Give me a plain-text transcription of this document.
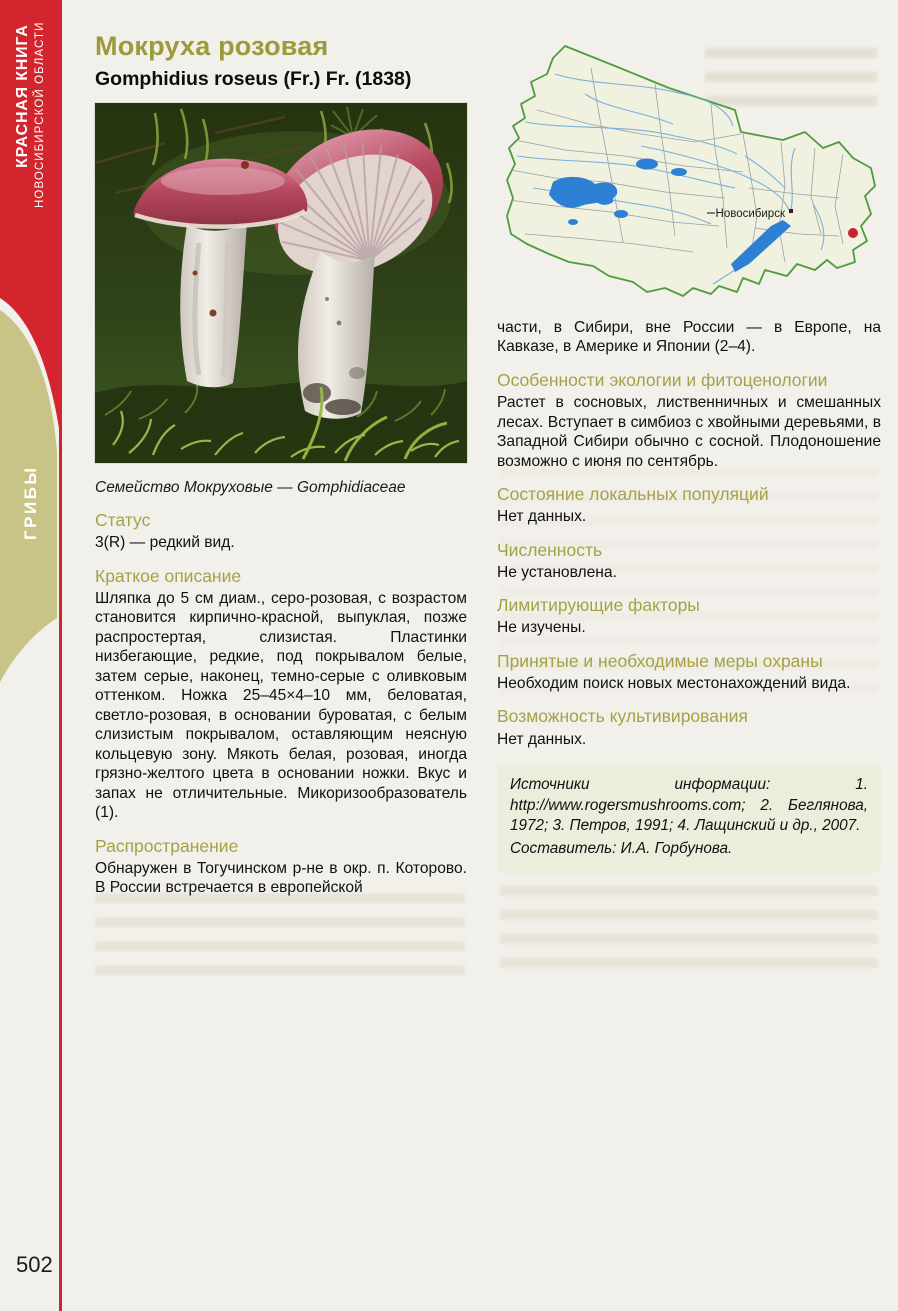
КРАСНАЯ КНИГА НОВОСИБИРСКОЙ ОБЛАСТИ
ГРИБЫ
502
Мокруха розовая
Gomphidius roseus (Fr.) Fr. (1838)
Семейство Мокруховые — Gomphidiaceae
Статус

3(R) — редкий вид.

Краткое описание

Шляпка до 5 см диам., серо-розовая, с возрастом становится кирпично-красной, выпуклая, позже распростертая, слизистая. Пластинки низбегающие, редкие, под покрывалом белые, затем серые, наконец, темно-серые с оливковым оттенком. Ножка 25–45×4–10 мм, беловатая, светло-розовая, в основании буроватая, с белым слизистым покрывалом, оставляющим неясную кольцевую зону. Мякоть белая, розовая, иногда грязно-желтого цвета в основании ножки. Вкус и запах не отличительные. Микоризообразователь (1).

Распространение

Обнаружен в Тогучинском р-не в окр. п. Которово. В России встречается в европейской

Новосибирск

части, в Сибири, вне России — в Европе, на Кавказе, в Америке и Японии (2–4).

Особенности экологии и фитоценологии

Растет в сосновых, лиственничных и смешанных лесах. Вступает в симбиоз с хвойными деревьями, в Западной Сибири обычно с сосной. Плодоношение возможно с июня по сентябрь.

Состояние локальных популяций

Нет данных.

Численность

Не установлена.

Лимитирующие факторы

Не изучены.

Принятые и необходимые меры охраны

Необходим поиск новых местонахождений вида.

Возможность культивирования

Нет данных.

Источники информации: 1. http://www.rogersmushrooms.com; 2. Беглянова, 1972; 3. Петров, 1991; 4. Лащинский и др., 2007.

Составитель: И.А. Горбунова.
